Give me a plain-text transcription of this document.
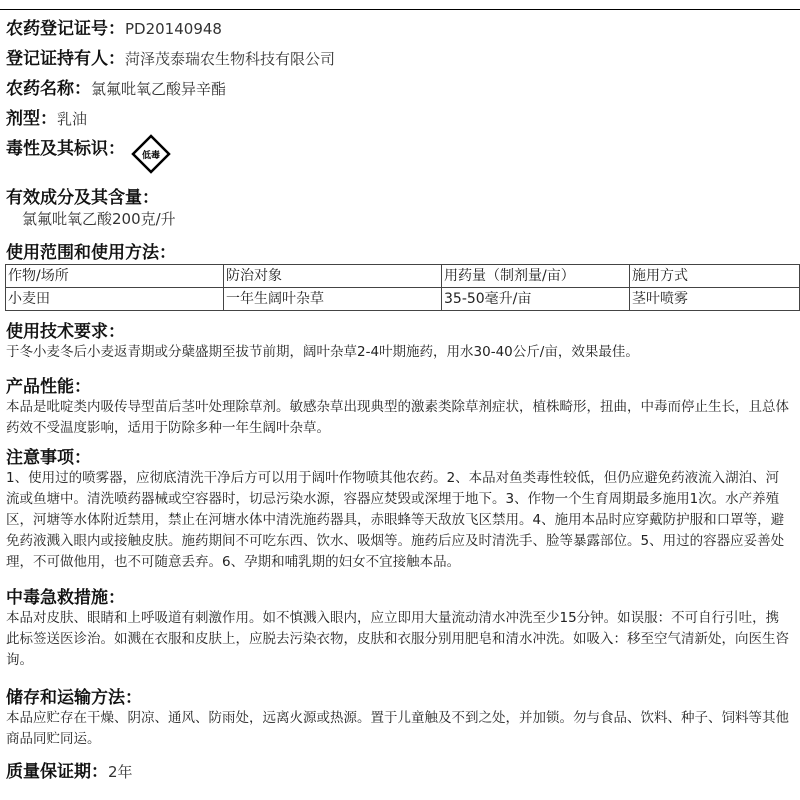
农药登记证号：PD20140948
登记证持有人：菏泽茂泰瑞农生物科技有限公司
农药名称：氯氟吡氧乙酸异辛酯
剂型：乳油
毒性及其标识： 低毒
有效成分及其含量：
氯氟吡氧乙酸200克/升
使用范围和使用方法：
作物/场所	防治对象	用药量（制剂量/亩）	施用方式
小麦田	一年生阔叶杂草	35-50毫升/亩	茎叶喷雾
使用技术要求：
于冬小麦冬后小麦返青期或分蘖盛期至拔节前期，阔叶杂草2-4叶期施药，用水30-40公斤/亩，效果最佳。
产品性能：
本品是吡啶类内吸传导型苗后茎叶处理除草剂。敏感杂草出现典型的激素类除草剂症状，植株畸形，扭曲，中毒而停止生长，且总体药效不受温度影响，适用于防除多种一年生阔叶杂草。
注意事项：
1、使用过的喷雾器，应彻底清洗干净后方可以用于阔叶作物喷其他农药。2、本品对鱼类毒性较低，但仍应避免药液流入湖泊、河流或鱼塘中。清洗喷药器械或空容器时，切忌污染水源，容器应焚毁或深埋于地下。3、作物一个生育周期最多施用1次。水产养殖区，河塘等水体附近禁用，禁止在河塘水体中清洗施药器具，赤眼蜂等天敌放飞区禁用。4、施用本品时应穿戴防护服和口罩等，避免药液溅入眼内或接触皮肤。施药期间不可吃东西、饮水、吸烟等。施药后应及时清洗手、脸等暴露部位。5、用过的容器应妥善处理，不可做他用，也不可随意丢弃。6、孕期和哺乳期的妇女不宜接触本品。
中毒急救措施：
本品对皮肤、眼睛和上呼吸道有刺激作用。如不慎溅入眼内，应立即用大量流动清水冲洗至少15分钟。如误服：不可自行引吐，携此标签送医诊治。如溅在衣服和皮肤上，应脱去污染衣物，皮肤和衣服分别用肥皂和清水冲洗。如吸入：移至空气清新处，向医生咨询。
储存和运输方法：
本品应贮存在干燥、阴凉、通风、防雨处，远离火源或热源。置于儿童触及不到之处，并加锁。勿与食品、饮料、种子、饲料等其他商品同贮同运。
质量保证期：2年
